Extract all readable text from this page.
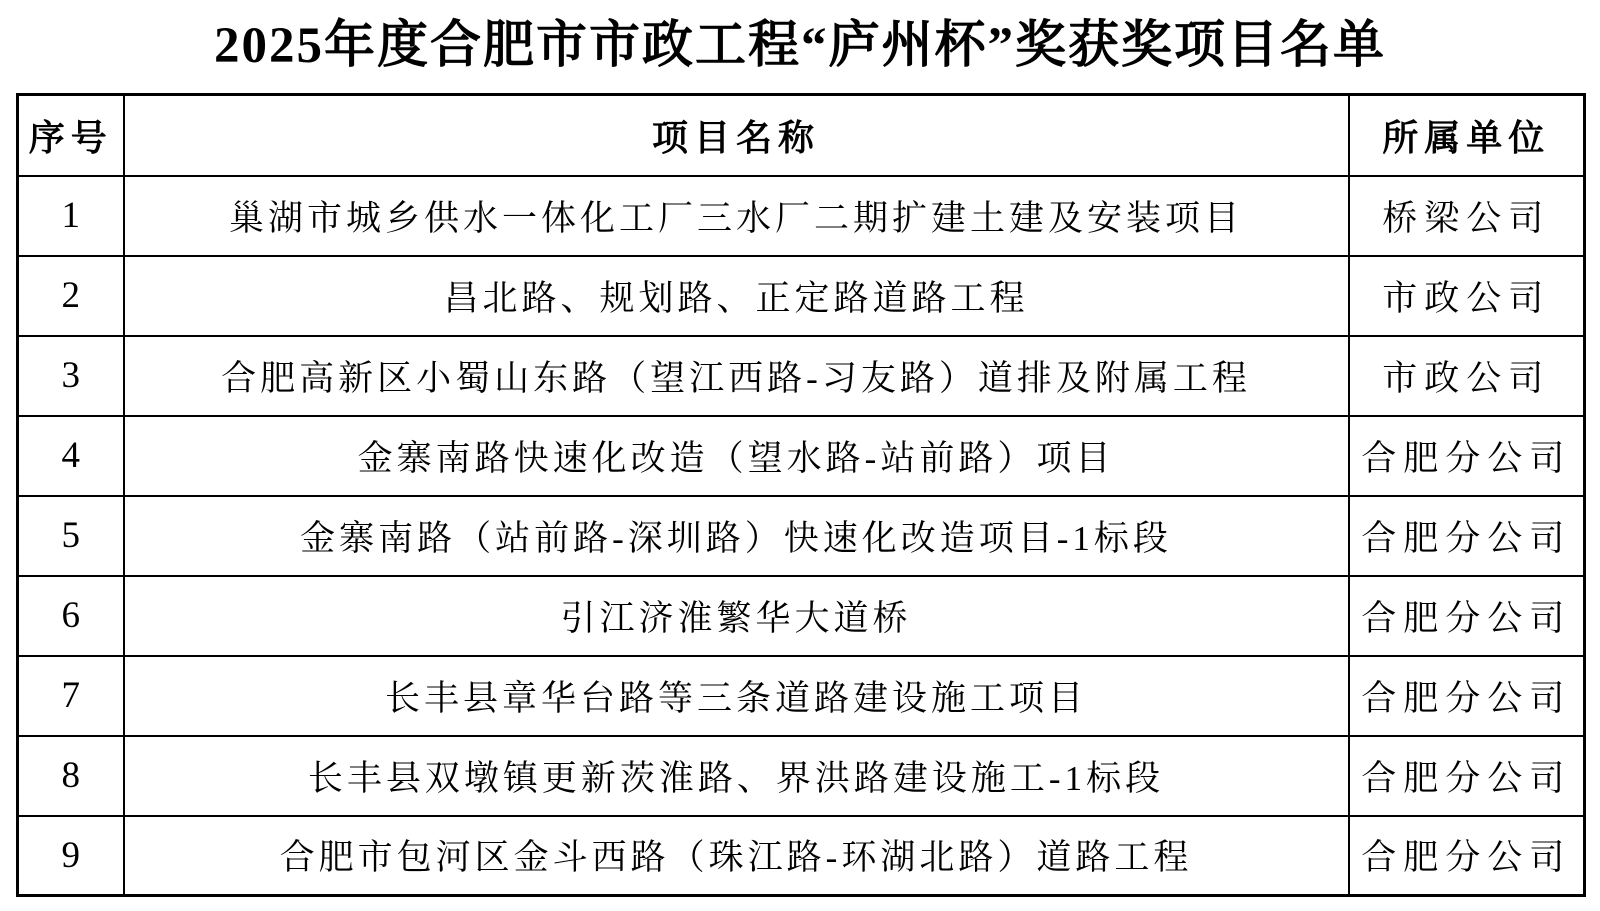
2025年度合肥市市政工程“庐州杯”奖获奖项目名单
序号	项目名称	所属单位
1	巢湖市城乡供水一体化工厂三水厂二期扩建土建及安装项目	桥梁公司
2	昌北路、规划路、正定路道路工程	市政公司
3	合肥高新区小蜀山东路（望江西路-习友路）道排及附属工程	市政公司
4	金寨南路快速化改造（望水路-站前路）项目	合肥分公司
5	金寨南路（站前路-深圳路）快速化改造项目-1标段	合肥分公司
6	引江济淮繁华大道桥	合肥分公司
7	长丰县章华台路等三条道路建设施工项目	合肥分公司
8	长丰县双墩镇更新茨淮路、界洪路建设施工-1标段	合肥分公司
9	合肥市包河区金斗西路（珠江路-环湖北路）道路工程	合肥分公司
